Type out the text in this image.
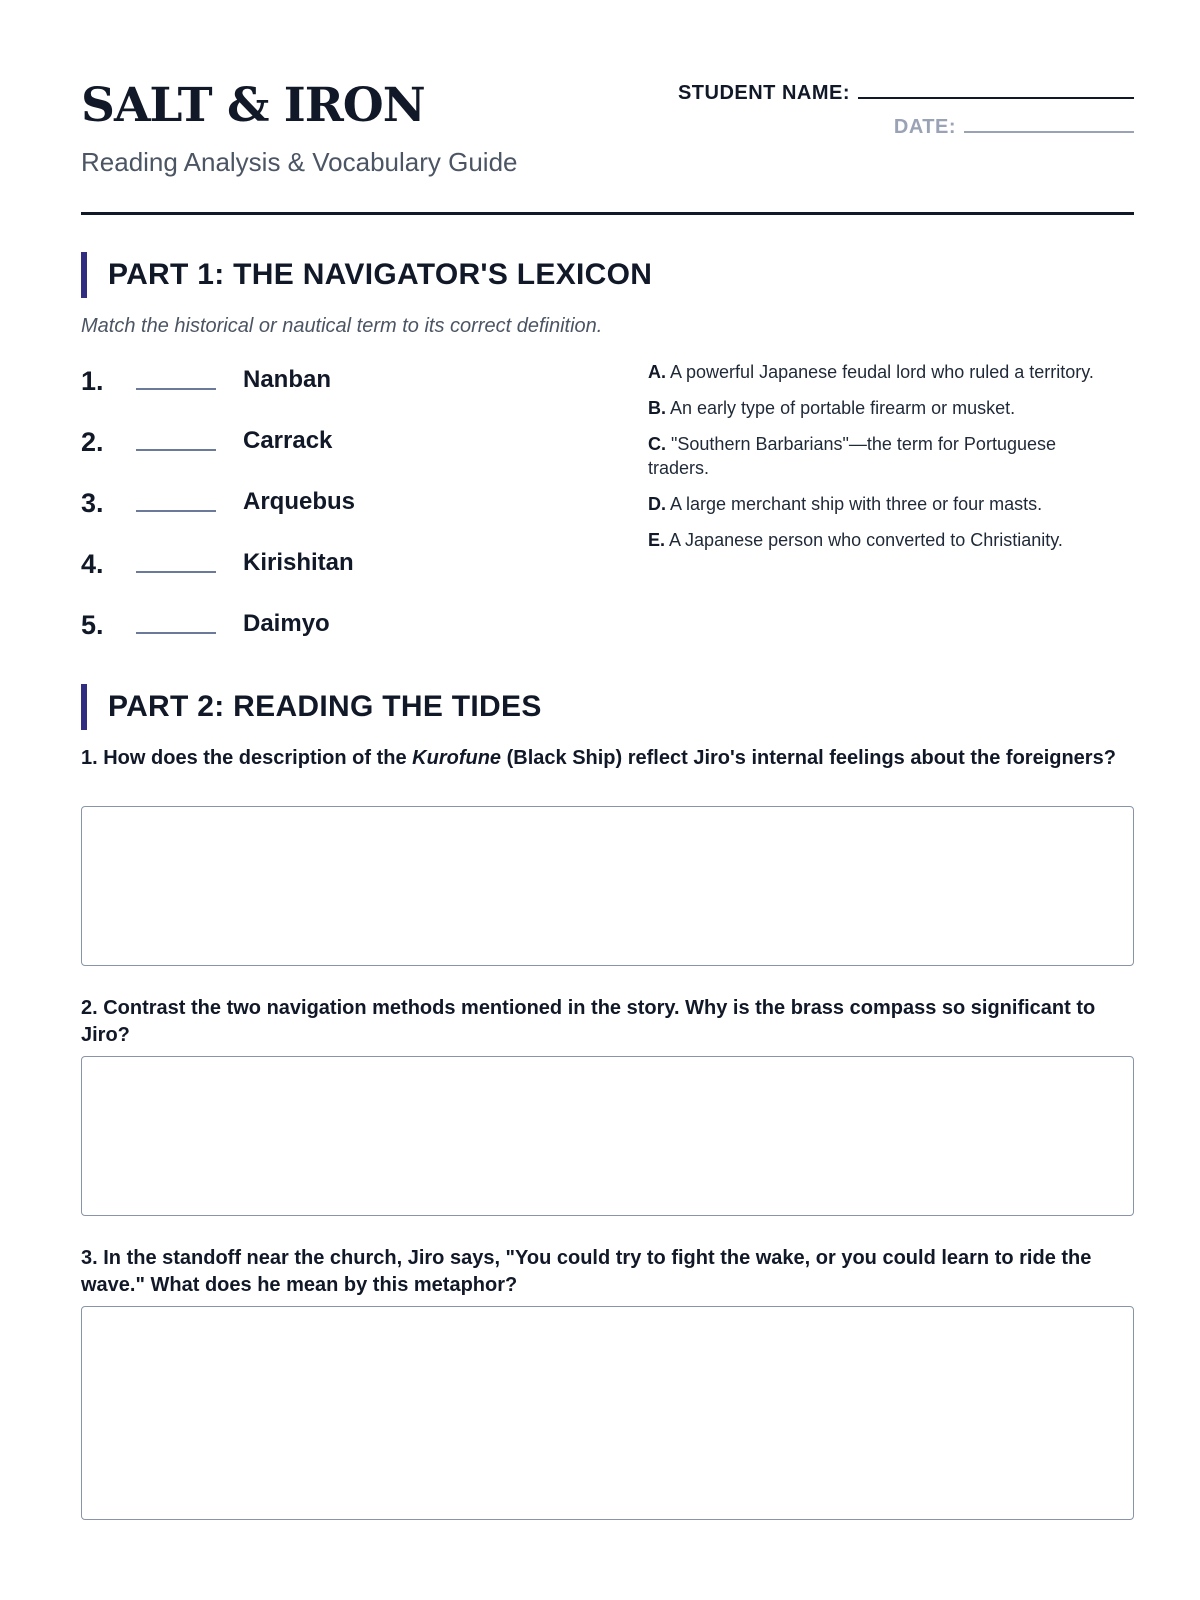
SALT & IRON

Reading Analysis & Vocabulary Guide

STUDENT NAME:
DATE:
PART 1: THE NAVIGATOR'S LEXICON
Match the historical or nautical term to its correct definition.
1.	Nanban
2.	Carrack
3.	Arquebus
4.	Kirishitan
5.	Daimyo
A. A powerful Japanese feudal lord who ruled a territory.
B. An early type of portable firearm or musket.
C. "Southern Barbarians"—the term for Portuguese traders.
D. A large merchant ship with three or four masts.
E. A Japanese person who converted to Christianity.
PART 2: READING THE TIDES
1. How does the description of the Kurofune (Black Ship) reflect Jiro's internal feelings about the foreigners?
2. Contrast the two navigation methods mentioned in the story. Why is the brass compass so significant to Jiro?
3. In the standoff near the church, Jiro says, "You could try to fight the wake, or you could learn to ride the wave." What does he mean by this metaphor?
